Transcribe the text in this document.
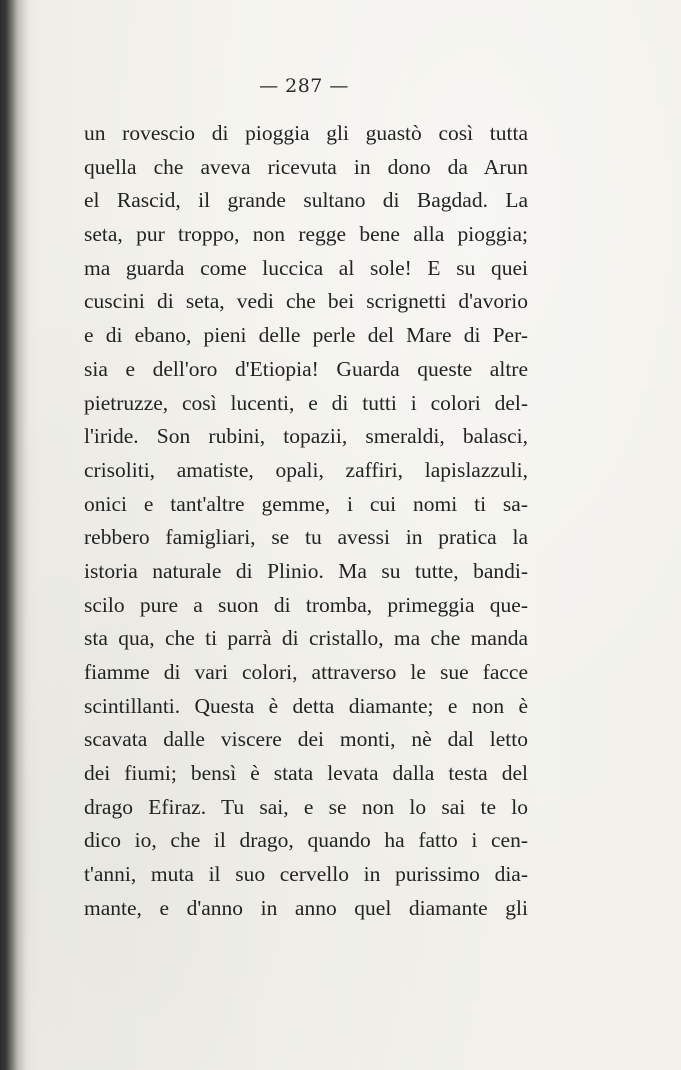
— 287 —
un rovescio di pioggia gli guastò così tutta
quella che aveva ricevuta in dono da Arun
el Rascid, il grande sultano di Bagdad. La
seta, pur troppo, non regge bene alla pioggia;
ma guarda come luccica al sole! E su quei
cuscini di seta, vedi che bei scrignetti d'avorio
e di ebano, pieni delle perle del Mare di Per-
sia e dell'oro d'Etiopia! Guarda queste altre
pietruzze, così lucenti, e di tutti i colori del-
l'iride. Son rubini, topazii, smeraldi, balasci,
crisoliti, amatiste, opali, zaffiri, lapislazzuli,
onici e tant'altre gemme, i cui nomi ti sa-
rebbero famigliari, se tu avessi in pratica la
istoria naturale di Plinio. Ma su tutte, bandi-
scilo pure a suon di tromba, primeggia que-
sta qua, che ti parrà di cristallo, ma che manda
fiamme di vari colori, attraverso le sue facce
scintillanti. Questa è detta diamante; e non è
scavata dalle viscere dei monti, nè dal letto
dei fiumi; bensì è stata levata dalla testa del
drago Efiraz. Tu sai, e se non lo sai te lo
dico io, che il drago, quando ha fatto i cen-
t'anni, muta il suo cervello in purissimo dia-
mante, e d'anno in anno quel diamante gli
